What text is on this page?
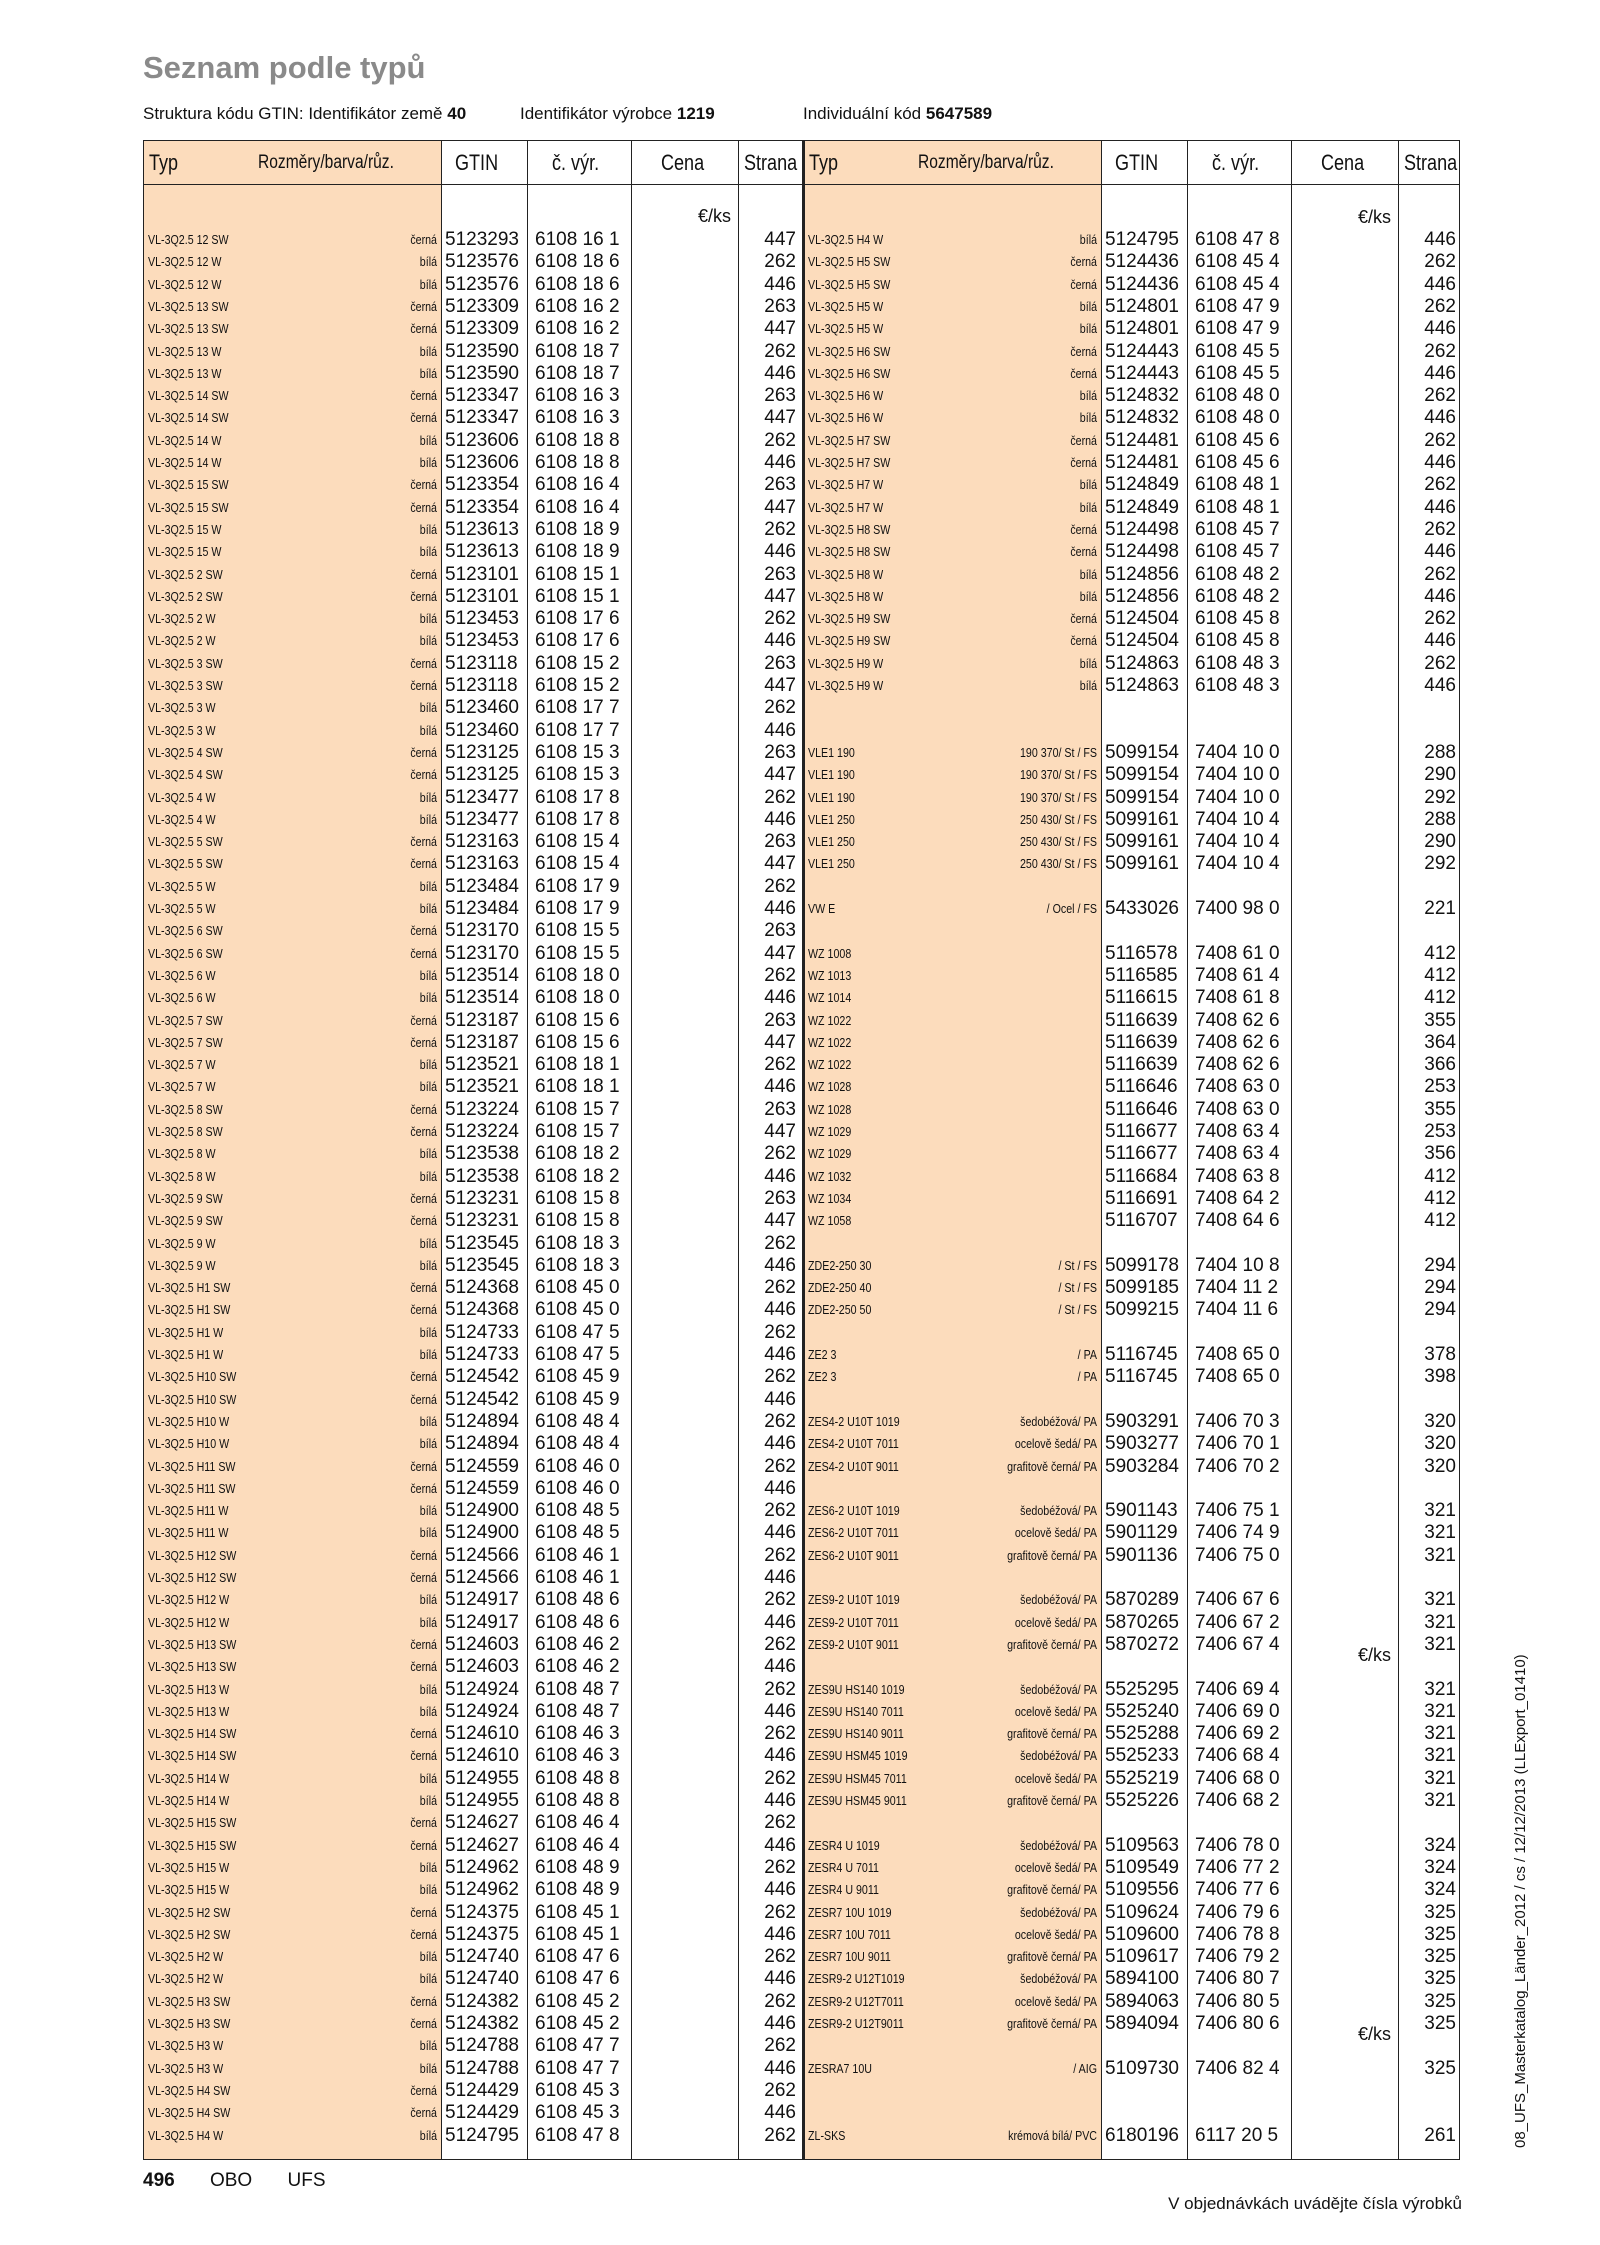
Seznam podle typů
Struktura kódu GTIN: Identifikátor země 40	Identifikátor výrobce 1219	Individuální kód 5647589
Typ	Rozměry/barva/růz.	GTIN č. výr.	Cena Strana Typ	Rozměry/barva/růz.	GTIN č. výr.	Cena Strana
€/ks
VL-3Q2.5 12 SW	černá 5123293 6108 16 1	447
VL-3Q2.5 12 W	bílá 5123576 6108 18 6	262
VL-3Q2.5 12 W	bílá 5123576 6108 18 6	446
VL-3Q2.5 13 SW	černá 5123309 6108 16 2	263
VL-3Q2.5 13 SW	černá 5123309 6108 16 2	447
VL-3Q2.5 13 W	bílá 5123590 6108 18 7	262
VL-3Q2.5 13 W	bílá 5123590 6108 18 7	446
VL-3Q2.5 14 SW	černá 5123347 6108 16 3	263
VL-3Q2.5 14 SW	černá 5123347 6108 16 3	447
VL-3Q2.5 14 W	bílá 5123606 6108 18 8	262
VL-3Q2.5 14 W	bílá 5123606 6108 18 8	446
VL-3Q2.5 15 SW	černá 5123354 6108 16 4	263
VL-3Q2.5 15 SW	černá 5123354 6108 16 4	447
VL-3Q2.5 15 W	bílá 5123613 6108 18 9	262
VL-3Q2.5 15 W	bílá 5123613 6108 18 9	446
VL-3Q2.5 2 SW	černá 5123101 6108 15 1	263
VL-3Q2.5 2 SW	černá 5123101 6108 15 1	447
VL-3Q2.5 2 W	bílá 5123453 6108 17 6	262
VL-3Q2.5 2 W	bílá 5123453 6108 17 6	446
VL-3Q2.5 3 SW	černá 5123118 6108 15 2	263
VL-3Q2.5 3 SW	černá 5123118 6108 15 2	447
VL-3Q2.5 3 W	bílá 5123460 6108 17 7	262
VL-3Q2.5 3 W	bílá 5123460 6108 17 7	446
VL-3Q2.5 4 SW	černá 5123125 6108 15 3	263
VL-3Q2.5 4 SW	černá 5123125 6108 15 3	447
VL-3Q2.5 4 W	bílá 5123477 6108 17 8	262
VL-3Q2.5 4 W	bílá 5123477 6108 17 8	446
VL-3Q2.5 5 SW	černá 5123163 6108 15 4	263
VL-3Q2.5 5 SW	černá 5123163 6108 15 4	447
VL-3Q2.5 5 W	bílá 5123484 6108 17 9	262
VL-3Q2.5 5 W	bílá 5123484 6108 17 9	446
VL-3Q2.5 6 SW	černá 5123170 6108 15 5	263
VL-3Q2.5 6 SW	černá 5123170 6108 15 5	447
VL-3Q2.5 6 W	bílá 5123514 6108 18 0	262
VL-3Q2.5 6 W	bílá 5123514 6108 18 0	446
VL-3Q2.5 7 SW	černá 5123187 6108 15 6	263
VL-3Q2.5 7 SW	černá 5123187 6108 15 6	447
VL-3Q2.5 7 W	bílá 5123521 6108 18 1	262
VL-3Q2.5 7 W	bílá 5123521 6108 18 1	446
VL-3Q2.5 8 SW	černá 5123224 6108 15 7	263
VL-3Q2.5 8 SW	černá 5123224 6108 15 7	447
VL-3Q2.5 8 W	bílá 5123538 6108 18 2	262
VL-3Q2.5 8 W	bílá 5123538 6108 18 2	446
VL-3Q2.5 9 SW	černá 5123231 6108 15 8	263
VL-3Q2.5 9 SW	černá 5123231 6108 15 8	447
VL-3Q2.5 9 W	bílá 5123545 6108 18 3	262
VL-3Q2.5 9 W	bílá 5123545 6108 18 3	446
VL-3Q2.5 H1 SW	černá 5124368 6108 45 0	262
VL-3Q2.5 H1 SW	černá 5124368 6108 45 0	446
VL-3Q2.5 H1 W	bílá 5124733 6108 47 5	262
VL-3Q2.5 H1 W	bílá 5124733 6108 47 5	446
VL-3Q2.5 H10 SW	černá 5124542 6108 45 9	262
VL-3Q2.5 H10 SW	černá 5124542 6108 45 9	446
VL-3Q2.5 H10 W	bílá 5124894 6108 48 4	262
VL-3Q2.5 H10 W	bílá 5124894 6108 48 4	446
VL-3Q2.5 H11 SW	černá 5124559 6108 46 0	262
VL-3Q2.5 H11 SW	černá 5124559 6108 46 0	446
VL-3Q2.5 H11 W	bílá 5124900 6108 48 5	262
VL-3Q2.5 H11 W	bílá 5124900 6108 48 5	446
VL-3Q2.5 H12 SW	černá 5124566 6108 46 1	262
VL-3Q2.5 H12 SW	černá 5124566 6108 46 1	446
VL-3Q2.5 H12 W	bílá 5124917 6108 48 6	262
VL-3Q2.5 H12 W	bílá 5124917 6108 48 6	446
VL-3Q2.5 H13 SW	černá 5124603 6108 46 2	262
VL-3Q2.5 H13 SW	černá 5124603 6108 46 2	446
VL-3Q2.5 H13 W	bílá 5124924 6108 48 7	262
VL-3Q2.5 H13 W	bílá 5124924 6108 48 7	446
VL-3Q2.5 H14 SW	černá 5124610 6108 46 3	262
VL-3Q2.5 H14 SW	černá 5124610 6108 46 3	446
VL-3Q2.5 H14 W	bílá 5124955 6108 48 8	262
VL-3Q2.5 H14 W	bílá 5124955 6108 48 8	446
VL-3Q2.5 H15 SW	černá 5124627 6108 46 4	262
VL-3Q2.5 H15 SW	černá 5124627 6108 46 4	446
VL-3Q2.5 H15 W	bílá 5124962 6108 48 9	262
VL-3Q2.5 H15 W	bílá 5124962 6108 48 9	446
VL-3Q2.5 H2 SW	černá 5124375 6108 45 1	262
VL-3Q2.5 H2 SW	černá 5124375 6108 45 1	446
VL-3Q2.5 H2 W	bílá 5124740 6108 47 6	262
VL-3Q2.5 H2 W	bílá 5124740 6108 47 6	446
VL-3Q2.5 H3 SW	černá 5124382 6108 45 2	262
VL-3Q2.5 H3 SW	černá 5124382 6108 45 2	446
VL-3Q2.5 H3 W	bílá 5124788 6108 47 7	262
VL-3Q2.5 H3 W	bílá 5124788 6108 47 7	446
VL-3Q2.5 H4 SW	černá 5124429 6108 45 3	262
VL-3Q2.5 H4 SW	černá 5124429 6108 45 3	446
VL-3Q2.5 H4 W	bílá 5124795 6108 47 8	262
VL-3Q2.5 H4 W	bílá 5124795 6108 47 8	446
VL-3Q2.5 H5 SW	černá 5124436 6108 45 4	262
VL-3Q2.5 H5 SW	černá 5124436 6108 45 4	446
VL-3Q2.5 H5 W	bílá 5124801 6108 47 9	262
VL-3Q2.5 H5 W	bílá 5124801 6108 47 9	446
VL-3Q2.5 H6 SW	černá 5124443 6108 45 5	262
VL-3Q2.5 H6 SW	černá 5124443 6108 45 5	446
VL-3Q2.5 H6 W	bílá 5124832 6108 48 0	262
VL-3Q2.5 H6 W	bílá 5124832 6108 48 0	446
VL-3Q2.5 H7 SW	černá 5124481 6108 45 6	262
VL-3Q2.5 H7 SW	černá 5124481 6108 45 6	446
VL-3Q2.5 H7 W	bílá 5124849 6108 48 1	262
VL-3Q2.5 H7 W	bílá 5124849 6108 48 1	446
VL-3Q2.5 H8 SW	černá 5124498 6108 45 7	262
VL-3Q2.5 H8 SW	černá 5124498 6108 45 7	446
VL-3Q2.5 H8 W	bílá 5124856 6108 48 2	262
VL-3Q2.5 H8 W	bílá 5124856 6108 48 2	446
VL-3Q2.5 H9 SW	černá 5124504 6108 45 8	262
VL-3Q2.5 H9 SW	černá 5124504 6108 45 8	446
VL-3Q2.5 H9 W	bílá 5124863 6108 48 3	262
VL-3Q2.5 H9 W	bílá 5124863 6108 48 3	446
VLE1 190	190 370/ St / FS 5099154 7404 10 0	288
VLE1 190	190 370/ St / FS 5099154 7404 10 0	290
VLE1 190	190 370/ St / FS 5099154 7404 10 0	292
VLE1 250	250 430/ St / FS 5099161 7404 10 4	288
VLE1 250	250 430/ St / FS 5099161 7404 10 4	290
VLE1 250	250 430/ St / FS 5099161 7404 10 4	292
VW E	/ Ocel / FS 5433026 7400 98 0	221
WZ 1008	5116578 7408 61 0	412
WZ 1013	5116585 7408 61 4	412
WZ 1014	5116615 7408 61 8	412
WZ 1022	5116639 7408 62 6	355
WZ 1022	5116639 7408 62 6	364
WZ 1022	5116639 7408 62 6	366
WZ 1028	5116646 7408 63 0	253
WZ 1028	5116646 7408 63 0	355
WZ 1029	5116677 7408 63 4	253
WZ 1029	5116677 7408 63 4	356
WZ 1032	5116684 7408 63 8	412
WZ 1034	5116691 7408 64 2	412
WZ 1058	5116707 7408 64 6	412
ZDE2-250 30	/ St / FS 5099178 7404 10 8	294
ZDE2-250 40	/ St / FS 5099185 7404 11 2	294
ZDE2-250 50	/ St / FS 5099215 7404 11 6	294
ZE2 3	/ PA 5116745 7408 65 0	378
ZE2 3	/ PA 5116745 7408 65 0	398
ZES4-2 U10T 1019	šedobéžová/ PA 5903291 7406 70 3	320
ZES4-2 U10T 7011	ocelově šedá/ PA 5903277 7406 70 1	320
ZES4-2 U10T 9011	grafitově černá/ PA 5903284 7406 70 2	320
ZES6-2 U10T 1019	šedobéžová/ PA 5901143 7406 75 1	321
ZES6-2 U10T 7011	ocelově šedá/ PA 5901129 7406 74 9	321
ZES6-2 U10T 9011	grafitově černá/ PA 5901136 7406 75 0	321
ZES9-2 U10T 1019	šedobéžová/ PA 5870289 7406 67 6	321
ZES9-2 U10T 7011	ocelově šedá/ PA 5870265 7406 67 2	321
ZES9-2 U10T 9011	grafitově černá/ PA 5870272 7406 67 4	321
ZES9U HS140 1019	šedobéžová/ PA 5525295 7406 69 4	321
ZES9U HS140 7011	ocelově šedá/ PA 5525240 7406 69 0	321
ZES9U HS140 9011	grafitově černá/ PA 5525288 7406 69 2	321
ZES9U HSM45 1019	šedobéžová/ PA 5525233 7406 68 4	321
ZES9U HSM45 7011	ocelově šedá/ PA 5525219 7406 68 0	321
ZES9U HSM45 9011	grafitově černá/ PA 5525226 7406 68 2	321
ZESR4 U 1019	šedobéžová/ PA 5109563 7406 78 0	324
ZESR4 U 7011	ocelově šedá/ PA 5109549 7406 77 2	324
ZESR4 U 9011	grafitově černá/ PA 5109556 7406 77 6	324
ZESR7 10U 1019	šedobéžová/ PA 5109624 7406 79 6	325
ZESR7 10U 7011	ocelově šedá/ PA 5109600 7406 78 8	325
ZESR7 10U 9011	grafitově černá/ PA 5109617 7406 79 2	325
ZESR9-2 U12T1019	šedobéžová/ PA 5894100 7406 80 7	325
ZESR9-2 U12T7011	ocelově šedá/ PA 5894063 7406 80 5	325
ZESR9-2 U12T9011	grafitově černá/ PA 5894094 7406 80 6	325
ZESRA7 10U	/ AIG 5109730 7406 82 4	325
ZL-SKS	krémová bílá/ PVC 6180196 6117 20 5	261
€/ks
€/ks
€/ks
496 OBO UFS
V objednávkách uvádějte čísla výrobků
08_UFS_Masterkatalog_Länder_2012 / cs / 12/12/2013 (LLExport_01410)
